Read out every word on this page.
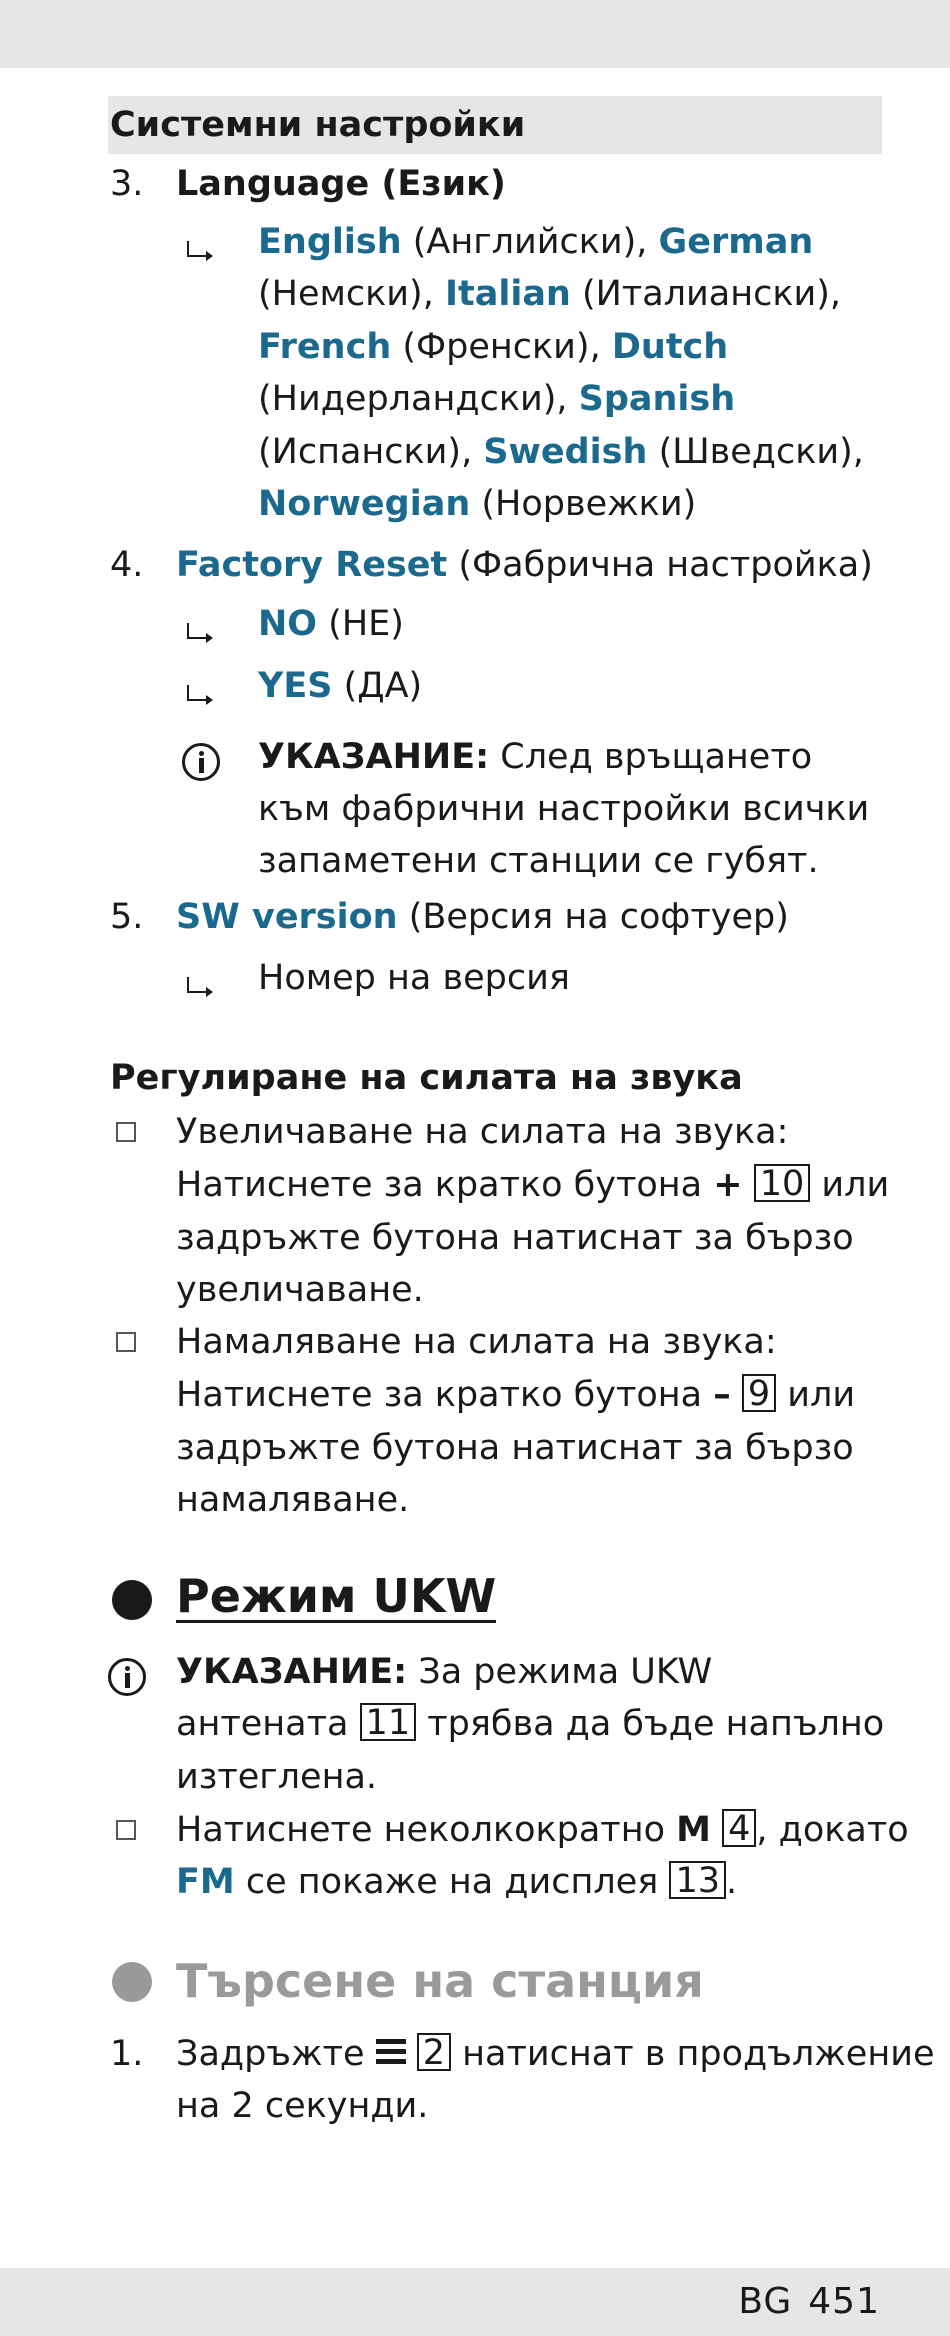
Системни настройки
3. Language (Език)
English (Английски), German
(Немски), Italian (Италиански),
French (Френски), Dutch
(Нидерландски), Spanish
(Испански), Swedish (Шведски),
Norwegian (Норвежки)
4. Factory Reset (Фабрична настройка)
NO (НЕ)
YES (ДА)
УКАЗАНИЕ: След връщането
към фабрични настройки всички
запаметени станции се губят.
5. SW version (Версия на софтуер)
Номер на версия
Регулиране на силата на звука
Увеличаване на силата на звука:
Натиснете за кратко бутона + 10 или
задръжте бутона натиснат за бързо
увеличаване.
Намаляване на силата на звука:
Натиснете за кратко бутона – 9 или
задръжте бутона натиснат за бързо
намаляване.
Режим UKW
УКАЗАНИЕ: За режима UKW
антената 11 трябва да бъде напълно
изтеглена.
Натиснете неколкократно M 4 , докато
FM се покаже на дисплея 13 .
Търсене на станция
1. Задръжте
2 натиснат в продължение
на 2 секунди.
BG 451
